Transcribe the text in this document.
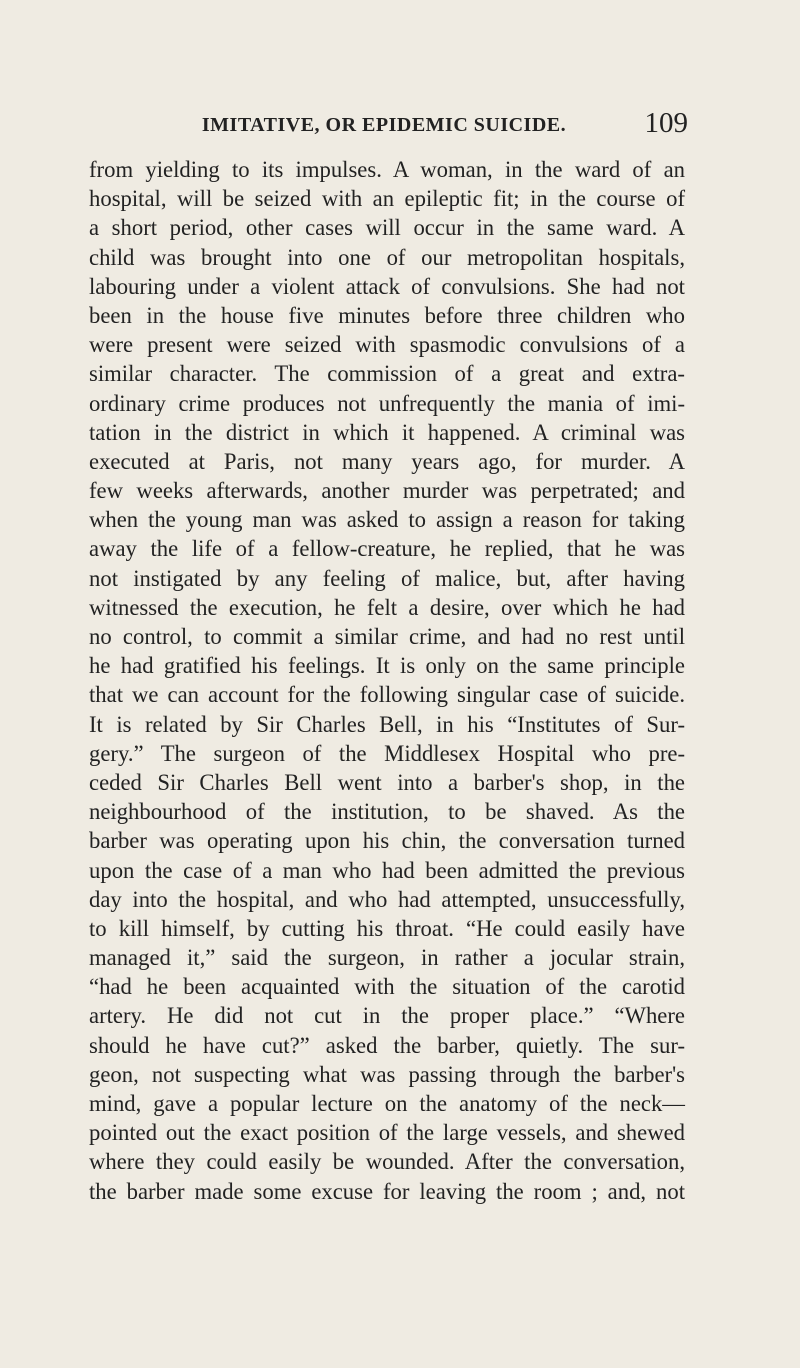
IMITATIVE, OR EPIDEMIC SUICIDE.	109
from yielding to its impulses. A woman, in the ward of an
hospital, will be seized with an epileptic fit; in the course of
a short period, other cases will occur in the same ward. A
child was brought into one of our metropolitan hospitals,
labouring under a violent attack of convulsions. She had not
been in the house five minutes before three children who
were present were seized with spasmodic convulsions of a
similar character. The commission of a great and extra-
ordinary crime produces not unfrequently the mania of imi-
tation in the district in which it happened. A criminal was
executed at Paris, not many years ago, for murder. A
few weeks afterwards, another murder was perpetrated; and
when the young man was asked to assign a reason for taking
away the life of a fellow-creature, he replied, that he was
not instigated by any feeling of malice, but, after having
witnessed the execution, he felt a desire, over which he had
no control, to commit a similar crime, and had no rest until
he had gratified his feelings. It is only on the same principle
that we can account for the following singular case of suicide.
It is related by Sir Charles Bell, in his “Institutes of Sur-
gery.” The surgeon of the Middlesex Hospital who pre-
ceded Sir Charles Bell went into a barber's shop, in the
neighbourhood of the institution, to be shaved. As the
barber was operating upon his chin, the conversation turned
upon the case of a man who had been admitted the previous
day into the hospital, and who had attempted, unsuccessfully,
to kill himself, by cutting his throat. “He could easily have
managed it,” said the surgeon, in rather a jocular strain,
“had he been acquainted with the situation of the carotid
artery. He did not cut in the proper place.” “Where
should he have cut?” asked the barber, quietly. The sur-
geon, not suspecting what was passing through the barber's
mind, gave a popular lecture on the anatomy of the neck—
pointed out the exact position of the large vessels, and shewed
where they could easily be wounded. After the conversation,
the barber made some excuse for leaving the room ; and, not
